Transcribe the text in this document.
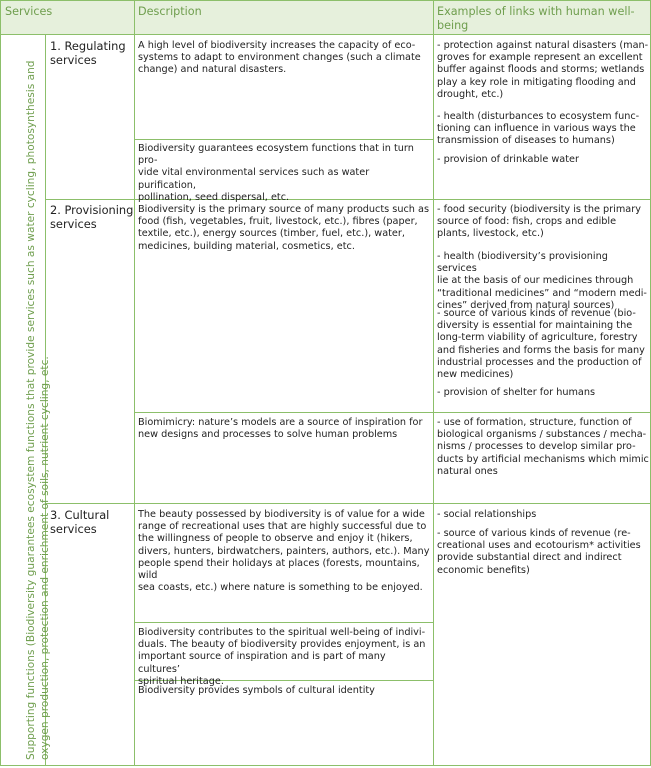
Services	Description	Examples of links with human well-
being
Supporting functions (Biodiversity guarantees ecosystem functions that provide services such as water cycling, photosynthesis and oxygen production, protection and enrichment of soils, nutrient cycling, etc.
1. Regulating
services
A high level of biodiversity increases the capacity of eco-
systems to adapt to environment changes (such a climate
change) and natural disasters.
Biodiversity guarantees ecosystem functions that in turn pro-
vide vital environmental services such as water purification,
pollination, seed dispersal, etc.
- protection against natural disasters (man-
groves for example represent an excellent
buffer against floods and storms; wetlands
play a key role in mitigating flooding and
drought, etc.)
- health (disturbances to ecosystem func-
tioning can influence in various ways the
transmission of diseases to humans)
- provision of drinkable water
2. Provisioning
services
Biodiversity is the primary source of many products such as
food (fish, vegetables, fruit, livestock, etc.), fibres (paper,
textile, etc.), energy sources (timber, fuel, etc.), water,
medicines, building material, cosmetics, etc.
Biomimicry: nature’s models are a source of inspiration for
new designs and processes to solve human problems
- food security (biodiversity is the primary
source of food: fish, crops and edible
plants, livestock, etc.)
- health (biodiversity’s provisioning services
lie at the basis of our medicines through
“traditional medicines” and “modern medi-
cines” derived from natural sources)
- source of various kinds of revenue (bio-
diversity is essential for maintaining the
long-term viability of agriculture, forestry
and fisheries and forms the basis for many
industrial processes and the production of
new medicines)
- provision of shelter for humans
- use of formation, structure, function of
biological organisms / substances / mecha-
nisms / processes to develop similar pro-
ducts by artificial mechanisms which mimic
natural ones
3. Cultural
services
The beauty possessed by biodiversity is of value for a wide
range of recreational uses that are highly successful due to
the willingness of people to observe and enjoy it (hikers,
divers, hunters, birdwatchers, painters, authors, etc.). Many
people spend their holidays at places (forests, mountains, wild
sea coasts, etc.) where nature is something to be enjoyed.
Biodiversity contributes to the spiritual well-being of indivi-
duals. The beauty of biodiversity provides enjoyment, is an
important source of inspiration and is part of many cultures’
spiritual heritage.
Biodiversity provides symbols of cultural identity
- social relationships
- source of various kinds of revenue (re-
creational uses and ecotourism* activities
provide substantial direct and indirect
economic benefits)
